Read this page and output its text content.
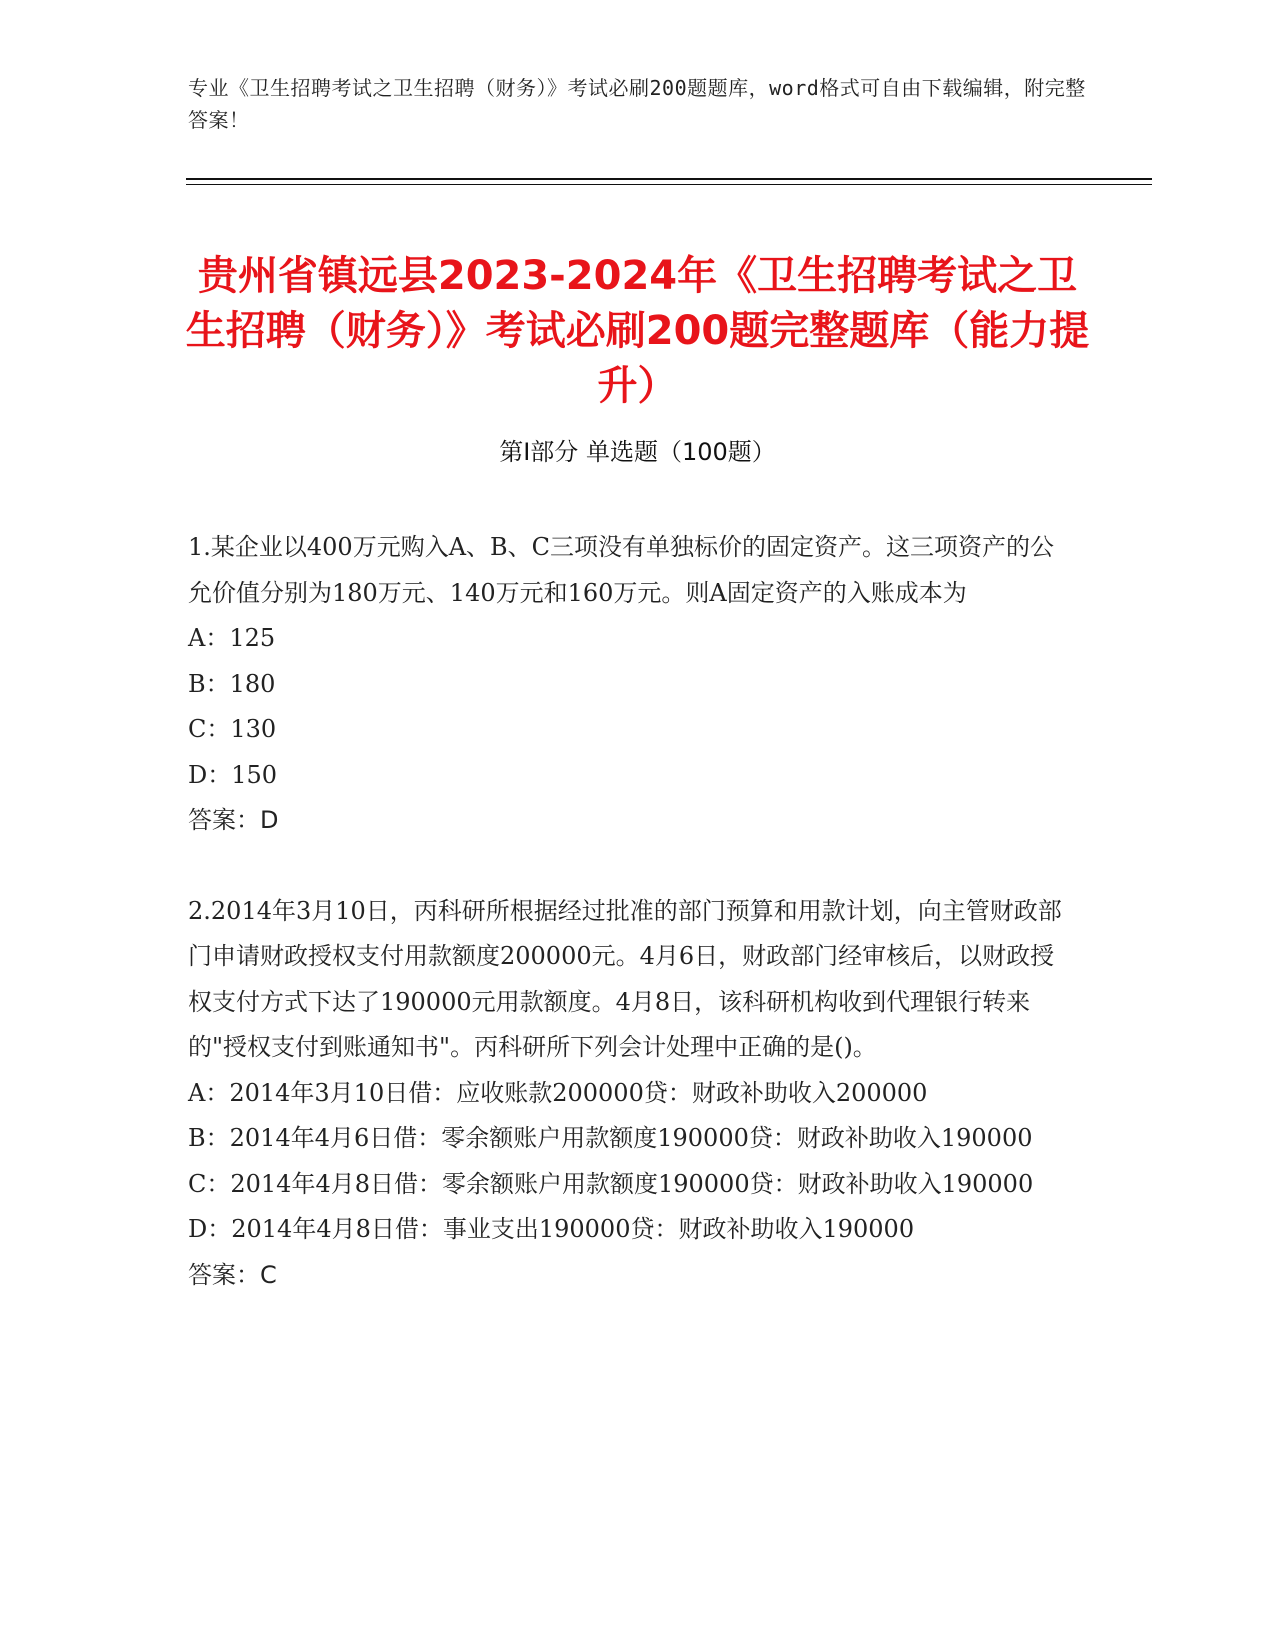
专业《卫生招聘考试之卫生招聘（财务）》考试必刷200题题库，word格式可自由下载编辑，附完整答案！
贵州省镇远县2023-2024年《卫生招聘考试之卫生招聘（财务）》考试必刷200题完整题库（能力提升）
第Ⅰ部分 单选题（100题）
1.某企业以400万元购入A、B、C三项没有单独标价的固定资产。这三项资产的公允价值分别为180万元、140万元和160万元。则A固定资产的入账成本为
A：125
B：180
C：130
D：150
答案：D
2.2014年3月10日，丙科研所根据经过批准的部门预算和用款计划，向主管财政部门申请财政授权支付用款额度200000元。4月6日，财政部门经审核后，以财政授权支付方式下达了190000元用款额度。4月8日，该科研机构收到代理银行转来的"授权支付到账通知书"。丙科研所下列会计处理中正确的是()。
A：2014年3月10日借：应收账款200000贷：财政补助收入200000
B：2014年4月6日借：零余额账户用款额度190000贷：财政补助收入190000
C：2014年4月8日借：零余额账户用款额度190000贷：财政补助收入190000
D：2014年4月8日借：事业支出190000贷：财政补助收入190000
答案：C
